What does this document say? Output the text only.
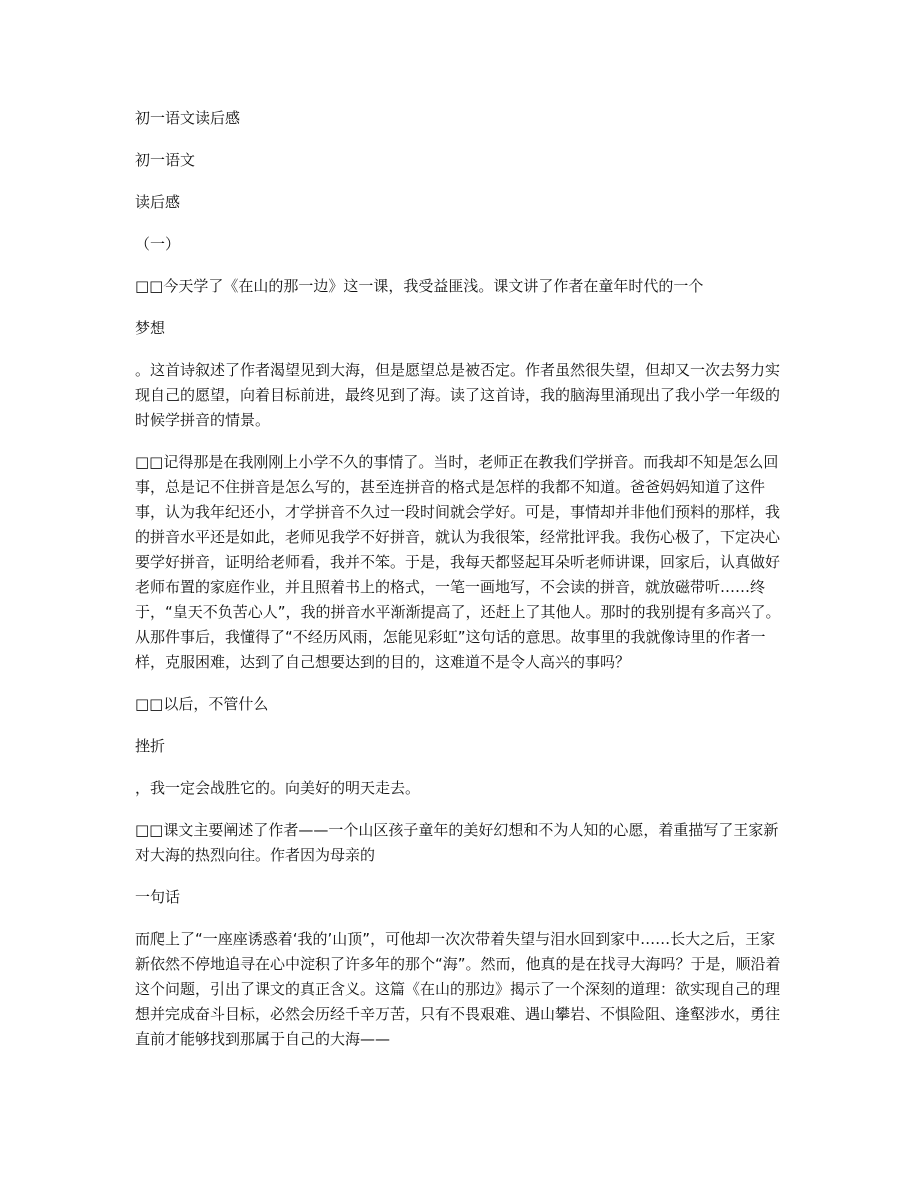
初一语文读后感

初一语文

读后感

（一）

□□今天学了《在山的那一边》这一课，我受益匪浅。课文讲了作者在童年时代的一个

梦想

。这首诗叙述了作者渴望见到大海，但是愿望总是被否定。作者虽然很失望，但却又一次去努力实现自己的愿望，向着目标前进，最终见到了海。读了这首诗，我的脑海里涌现出了我小学一年级的时候学拼音的情景。

□□记得那是在我刚刚上小学不久的事情了。当时，老师正在教我们学拼音。而我却不知是怎么回事，总是记不住拼音是怎么写的，甚至连拼音的格式是怎样的我都不知道。爸爸妈妈知道了这件事，认为我年纪还小，才学拼音不久过一段时间就会学好。可是，事情却并非他们预料的那样，我的拼音水平还是如此，老师见我学不好拼音，就认为我很笨，经常批评我。我伤心极了，下定决心要学好拼音，证明给老师看，我并不笨。于是，我每天都竖起耳朵听老师讲课，回家后，认真做好老师布置的家庭作业，并且照着书上的格式，一笔一画地写，不会读的拼音，就放磁带听……终于，“皇天不负苦心人”，我的拼音水平渐渐提高了，还赶上了其他人。那时的我别提有多高兴了。从那件事后，我懂得了“不经历风雨，怎能见彩虹”这句话的意思。故事里的我就像诗里的作者一样，克服困难，达到了自己想要达到的目的，这难道不是令人高兴的事吗？

□□以后，不管什么

挫折

，我一定会战胜它的。向美好的明天走去。

□□课文主要阐述了作者——一个山区孩子童年的美好幻想和不为人知的心愿，着重描写了王家新对大海的热烈向往。作者因为母亲的

一句话

而爬上了“一座座诱惑着‘我的’山顶”，可他却一次次带着失望与泪水回到家中……长大之后，王家新依然不停地追寻在心中淀积了许多年的那个“海”。然而，他真的是在找寻大海吗？于是，顺沿着这个问题，引出了课文的真正含义。这篇《在山的那边》揭示了一个深刻的道理：欲实现自己的理想并完成奋斗目标，必然会历经千辛万苦，只有不畏艰难、遇山攀岩、不惧险阻、逢壑涉水，勇往直前才能够找到那属于自己的大海——
